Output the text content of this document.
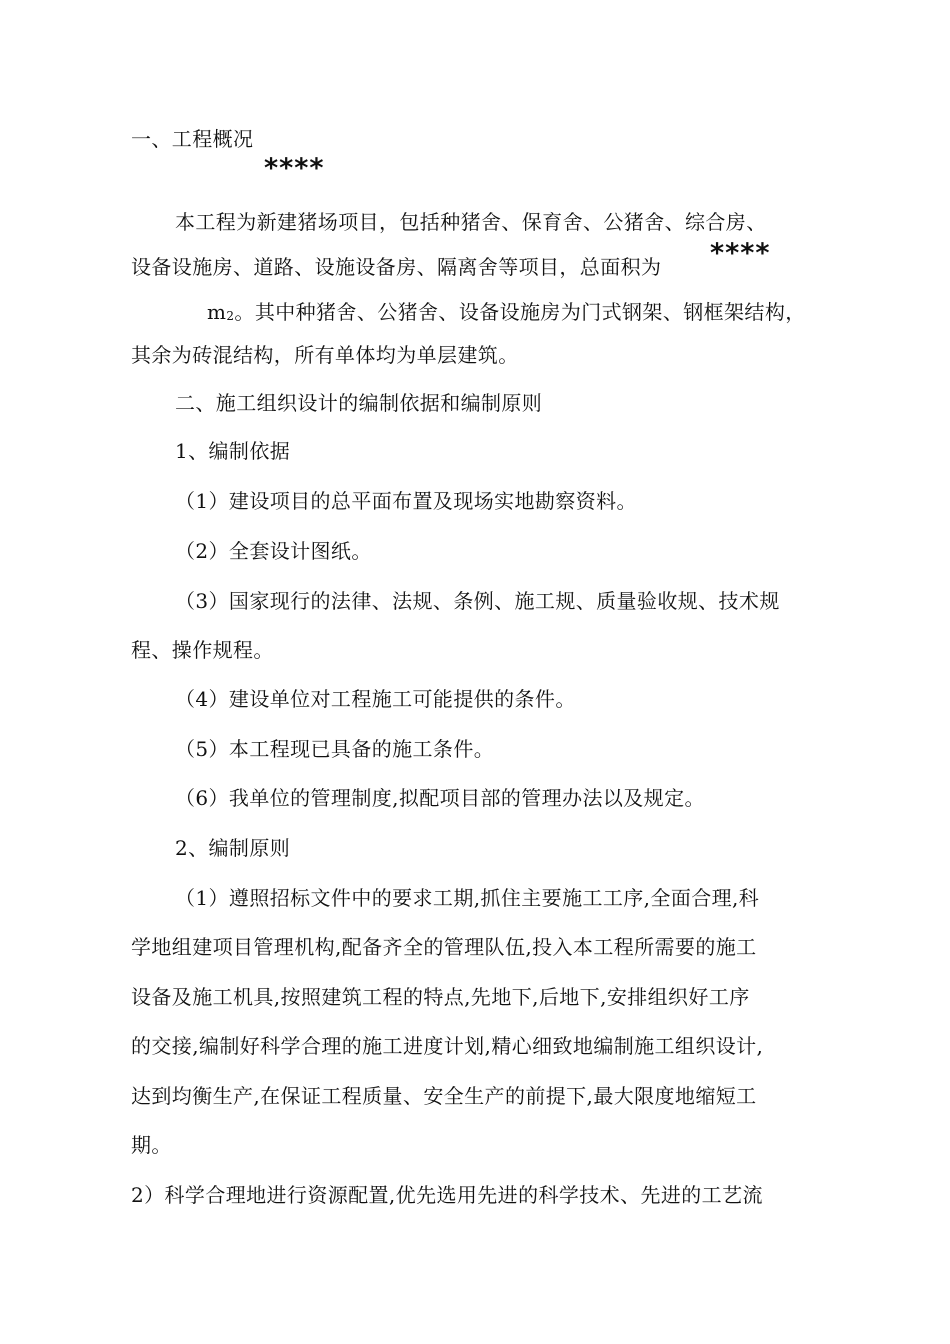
一、工程概况
****
本工程为新建猪场项目，包括种猪舍、保育舍、公猪舍、综合房、
设备设施房、道路、设施设备房、隔离舍等项目，总面积为 ****
m2。其中种猪舍、公猪舍、设备设施房为门式钢架、钢框架结构，
其余为砖混结构，所有单体均为单层建筑。
二、施工组织设计的编制依据和编制原则
1、编制依据
（1）建设项目的总平面布置及现场实地勘察资料。
（2）全套设计图纸。
（3）国家现行的法律、法规、条例、施工规、质量验收规、技术规
程、操作规程。
（4）建设单位对工程施工可能提供的条件。
（5）本工程现已具备的施工条件。
（6）我单位的管理制度,拟配项目部的管理办法以及规定。
2、编制原则
（1）遵照招标文件中的要求工期,抓住主要施工工序,全面合理,科
学地组建项目管理机构,配备齐全的管理队伍,投入本工程所需要的施工
设备及施工机具,按照建筑工程的特点,先地下,后地下,安排组织好工序
的交接,编制好科学合理的施工进度计划,精心细致地编制施工组织设计,
达到均衡生产,在保证工程质量、安全生产的前提下,最大限度地缩短工
期。
2）科学合理地进行资源配置,优先选用先进的科学技术、先进的工艺流
